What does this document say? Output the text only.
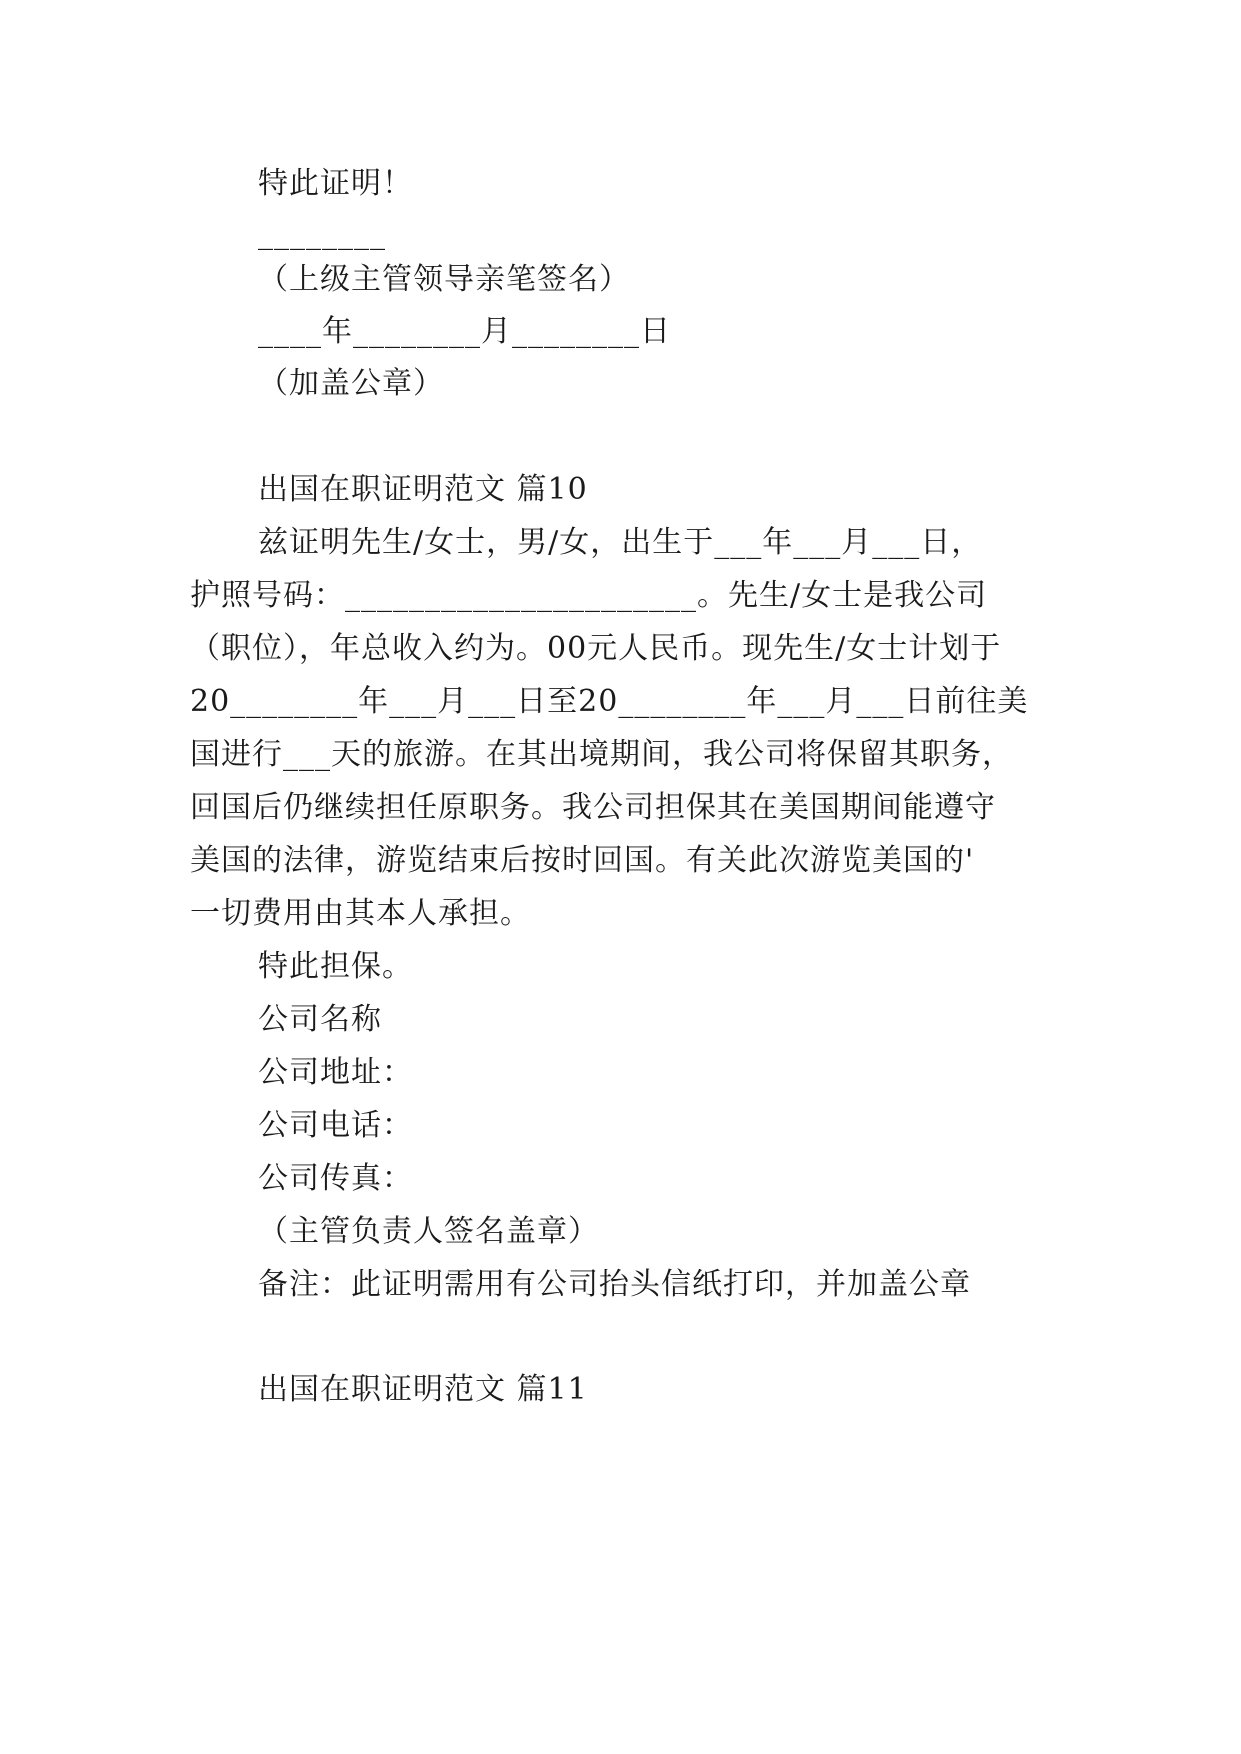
特此证明！
________
（上级主管领导亲笔签名）
____年________月________日
（加盖公章）
出国在职证明范文 篇10
兹证明先生/女士，男/女，出生于___年___月___日，
护照号码：______________________。先生/女士是我公司
（职位），年总收入约为。00元人民币。现先生/女士计划于
20________年___月___日至20________年___月___日前往美
国进行___天的旅游。在其出境期间，我公司将保留其职务，
回国后仍继续担任原职务。我公司担保其在美国期间能遵守
美国的法律，游览结束后按时回国。有关此次游览美国的'
一切费用由其本人承担。
特此担保。
公司名称
公司地址：
公司电话：
公司传真：
（主管负责人签名盖章）
备注：此证明需用有公司抬头信纸打印，并加盖公章
出国在职证明范文 篇11
